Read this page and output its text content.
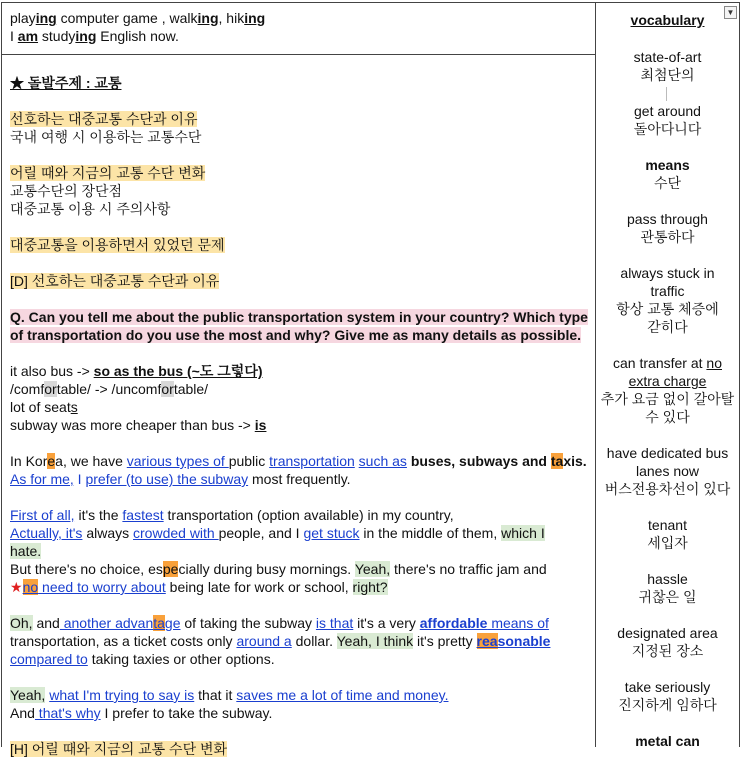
playing computer game , walking, hiking
I am studying English now.
★ 돌발주제 : 교통
선호하는 대중교통 수단과 이유
국내 여행 시 이용하는 교통수단
어릴 때와 지금의 교통 수단 변화
교통수단의 장단점
대중교통 이용 시 주의사항
대중교통을 이용하면서 있었던 문제
[D] 선호하는 대중교통 수단과 이유
Q. Can you tell me about the public transportation system in your country? Which type of transportation do you use the most and why? Give me as many details as possible.
it also bus -> so as the bus (~도 그렇다)
/comfortable/ -> /uncomfortable/
lot of seats
subway was more cheaper than bus -> is
In Korea, we have various types of public transportation such as buses, subways and taxis.
As for me, I prefer (to use) the subway most frequently.
First of all, it's the fastest transportation (option available) in my country,
Actually, it's always crowded with people, and I get stuck in the middle of them, which I
hate.
But there's no choice, especially during busy mornings. Yeah, there's no traffic jam and
★no need to worry about being late for work or school, right?
Oh, and another advantage of taking the subway is that it's a very affordable means of
transportation, as a ticket costs only around a dollar. Yeah, I think it's pretty reasonable
compared to taking taxies or other options.
Yeah, what I'm trying to say is that it saves me a lot of time and money.
And that's why I prefer to take the subway.
[H] 어릴 때와 지금의 교통 수단 변화
▼
vocabulary
state-of-art
최첨단의
get around
돌아다니다
means
수단
pass through
관통하다
always stuck in
traffic
항상 교통 체증에
갇히다
can transfer at no
extra charge
추가 요금 없이 갈아탈
수 있다
have dedicated bus
lanes now
버스전용차선이 있다
tenant
세입자
hassle
귀찮은 일
designated area
지정된 장소
take seriously
진지하게 임하다
metal can
